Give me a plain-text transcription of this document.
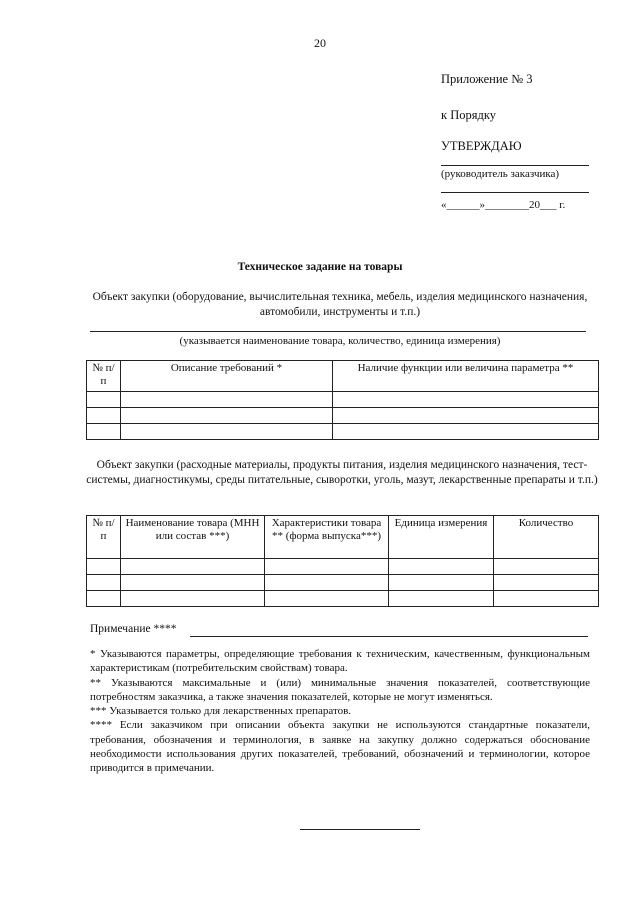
20
Приложение № 3
к Порядку
УТВЕРЖДАЮ
(руководитель заказчика)
«______»________20___ г.
Техническое задание на товары
Объект закупки (оборудование, вычислительная техника, мебель, изделия медицинского назначения, автомобили, инструменты и т.п.)
(указывается наименование товара, количество, единица измерения)
№ п/п	Описание требований *	Наличие функции или величина параметра **

Объект закупки (расходные материалы, продукты питания, изделия медицинского назначения, тест-системы, диагностикумы, среды питательные, сыворотки, уголь, мазут, лекарственные препараты и т.п.)
№ п/п	Наименование товара (МНН или состав ***)	Характеристики товара ** (форма выпуска***)	Единица измерения	Количество

Примечание ****

* Указываются параметры, определяющие требования к техническим, качественным, функциональным характеристикам (потребительским свойствам) товара.

** Указываются максимальные и (или) минимальные значения показателей, соответствующие потребностям заказчика, а также значения показателей, которые не могут изменяться.

*** Указывается только для лекарственных препаратов.

**** Если заказчиком при описании объекта закупки не используются стандартные показатели, требования, обозначения и терминология, в заявке на закупку должно содержаться обоснование необходимости использования других показателей, требований, обозначений и терминологии, которое приводится в примечании.
